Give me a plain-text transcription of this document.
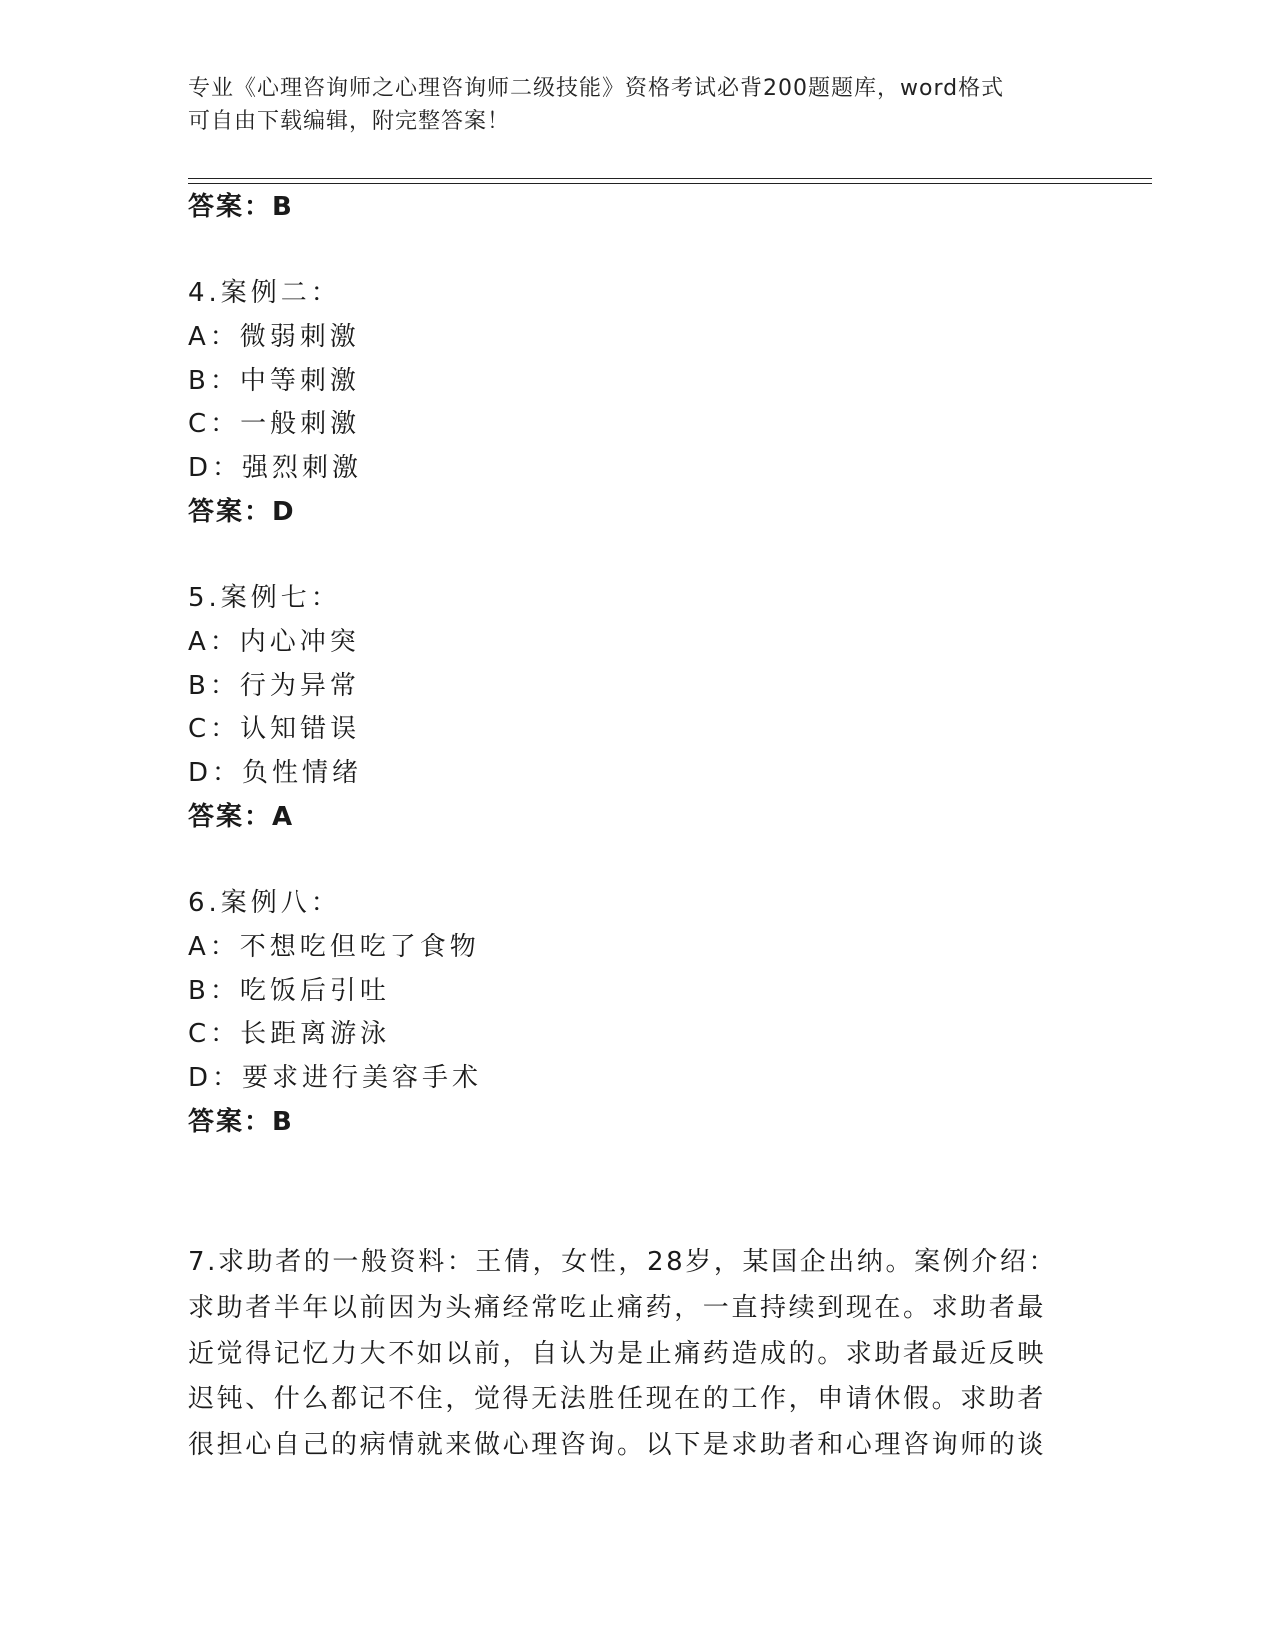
专业《心理咨询师之心理咨询师二级技能》资格考试必背200题题库，word格式
可自由下载编辑，附完整答案！
答案：B
4.案例二：
A：微弱刺激
B：中等刺激
C：一般刺激
D：强烈刺激
答案：D
5.案例七：
A：内心冲突
B：行为异常
C：认知错误
D：负性情绪
答案：A
6.案例八：
A：不想吃但吃了食物
B：吃饭后引吐
C：长距离游泳
D：要求进行美容手术
答案：B
7.求助者的一般资料：王倩，女性，28岁，某国企出纳。案例介绍：求助者半年以前因为头痛经常吃止痛药，一直持续到现在。求助者最近觉得记忆力大不如以前，自认为是止痛药造成的。求助者最近反映迟钝、什么都记不住，觉得无法胜任现在的工作，申请休假。求助者很担心自己的病情就来做心理咨询。以下是求助者和心理咨询师的谈
